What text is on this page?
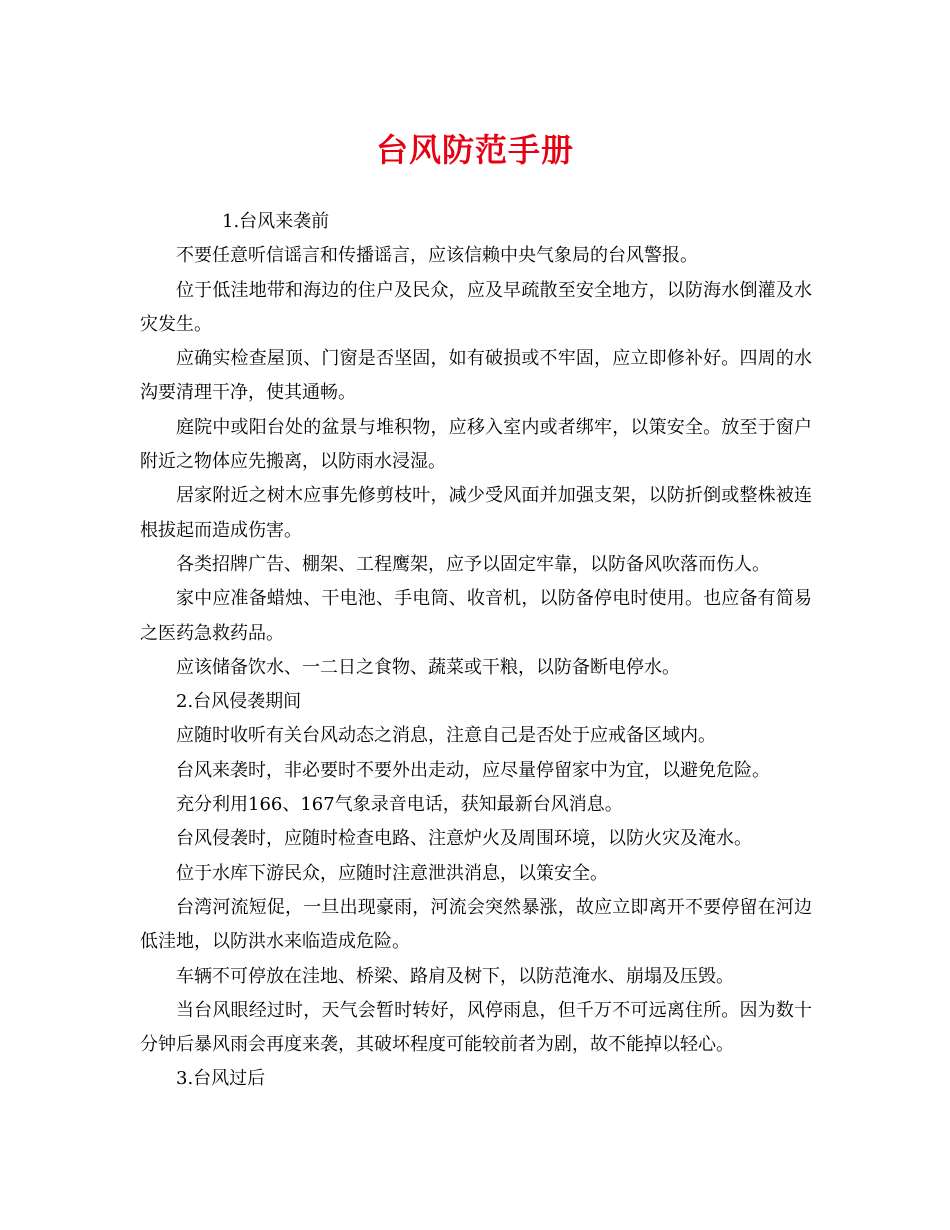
台风防范手册

1.台风来袭前

不要任意听信谣言和传播谣言，应该信赖中央气象局的台风警报。

位于低洼地带和海边的住户及民众，应及早疏散至安全地方，以防海水倒灌及水灾发生。

应确实检查屋顶、门窗是否坚固，如有破损或不牢固，应立即修补好。四周的水沟要清理干净，使其通畅。

庭院中或阳台处的盆景与堆积物，应移入室内或者绑牢，以策安全。放至于窗户附近之物体应先搬离，以防雨水浸湿。

居家附近之树木应事先修剪枝叶，减少受风面并加强支架，以防折倒或整株被连根拔起而造成伤害。

各类招牌广告、棚架、工程鹰架，应予以固定牢靠，以防备风吹落而伤人。

家中应准备蜡烛、干电池、手电筒、收音机，以防备停电时使用。也应备有简易之医药急救药品。

应该储备饮水、一二日之食物、蔬菜或干粮，以防备断电停水。

2.台风侵袭期间

应随时收听有关台风动态之消息，注意自己是否处于应戒备区域内。

台风来袭时，非必要时不要外出走动，应尽量停留家中为宜，以避免危险。

充分利用166、167气象录音电话，获知最新台风消息。

台风侵袭时，应随时检查电路、注意炉火及周围环境，以防火灾及淹水。

位于水库下游民众，应随时注意泄洪消息，以策安全。

台湾河流短促，一旦出现豪雨，河流会突然暴涨，故应立即离开不要停留在河边低洼地，以防洪水来临造成危险。

车辆不可停放在洼地、桥梁、路肩及树下，以防范淹水、崩塌及压毁。

当台风眼经过时，天气会暂时转好，风停雨息，但千万不可远离住所。因为数十分钟后暴风雨会再度来袭，其破坏程度可能较前者为剧，故不能掉以轻心。

3.台风过后
